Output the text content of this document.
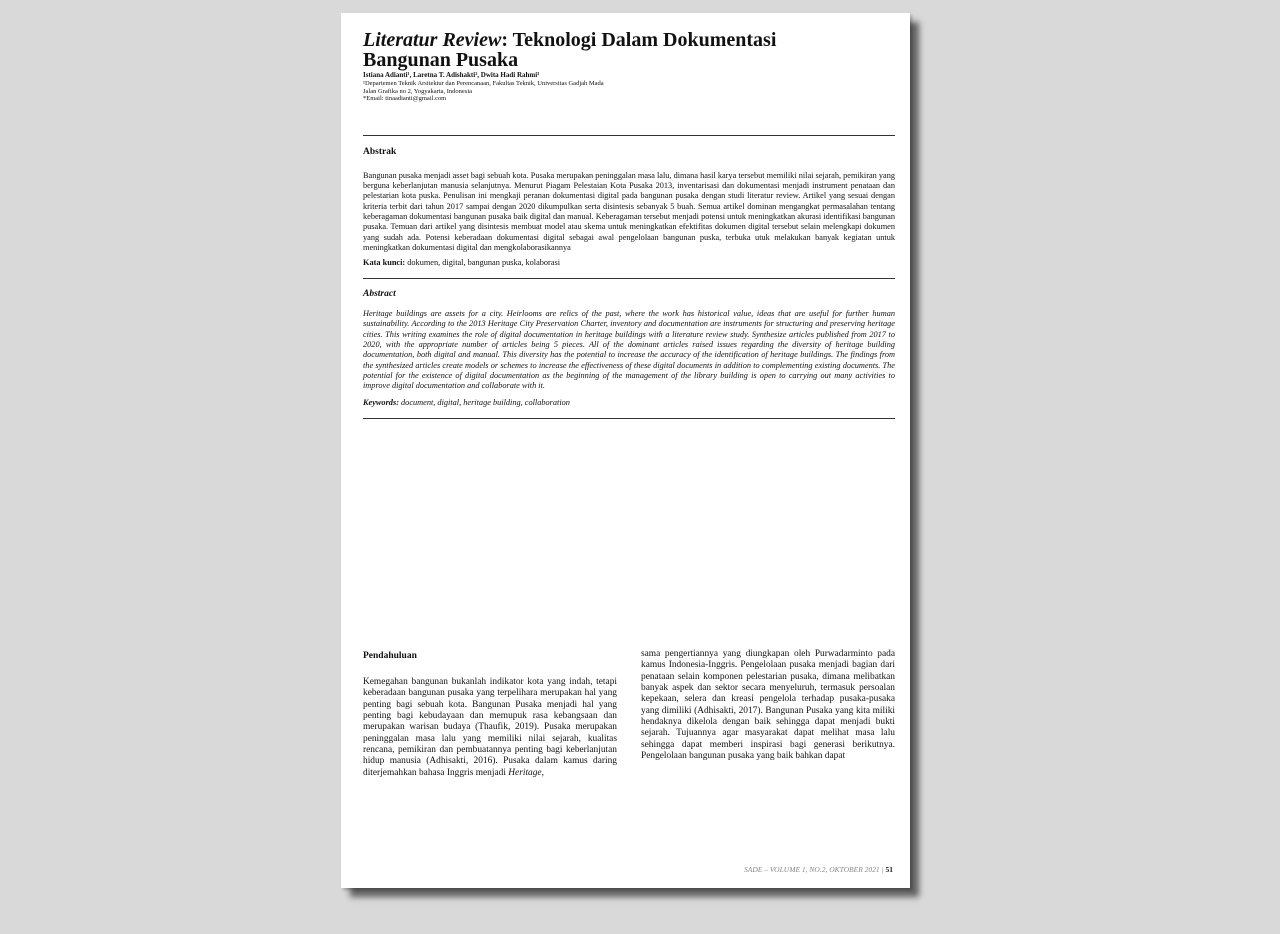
Literatur Review: Teknologi Dalam Dokumentasi
Bangunan Pusaka
Istiana Adianti¹, Laretna T. Adishakti², Dwita Hadi Rahmi³
¹Departemen Teknik Arsitektur dan Perencanaan, Fakultas Teknik, Universitas Gadjah Mada
Jalan Grafika no 2, Yogyakarta, Indonesia
*Email: tinaadianti@gmail.com
Abstrak
Bangunan pusaka menjadi asset bagi sebuah kota. Pusaka merupakan peninggalan masa lalu, dimana hasil karya tersebut memiliki nilai sejarah, pemikiran yang berguna keberlanjutan manusia selanjutnya. Menurut Piagam Pelestaian Kota Pusaka 2013, inventarisasi dan dokumentasi menjadi instrument penataan dan pelestarian kota puska. Penulisan ini mengkaji peranan dokumentasi digital pada bangunan pusaka dengan studi literatur review. Artikel yang sesuai dengan kriteria terbit dari tahun 2017 sampai dengan 2020 dikumpulkan serta disintesis sebanyak 5 buah. Semua artikel dominan mengangkat permasalahan tentang keberagaman dokumentasi bangunan pusaka baik digital dan manual. Keberagaman tersebut menjadi potensi untuk meningkatkan akurasi identifikasi bangunan pusaka. Temuan dari artikel yang disintesis membuat model atau skema untuk meningkatkan efektifitas dokumen digital tersebut selain melengkapi dokumen yang sudah ada. Potensi keberadaan dokumentasi digital sebagai awal pengelolaan bangunan puska, terbuka utuk melakukan banyak kegiatan untuk meningkatkan dokumentasi digital dan mengkolaborasikannya
Kata kunci: dokumen, digital, bangunan puska, kolaborasi
Abstract
Heritage buildings are assets for a city. Heirlooms are relics of the past, where the work has historical value, ideas that are useful for further human sustainability. According to the 2013 Heritage City Preservation Charter, inventory and documentation are instruments for structuring and preserving heritage cities. This writing examines the role of digital documentation in heritage buildings with a literature review study. Synthesize articles published from 2017 to 2020, with the appropriate number of articles being 5 pieces. All of the dominant articles raised issues regarding the diversity of heritage building documentation, both digital and manual. This diversity has the potential to increase the accuracy of the identification of heritage buildings. The findings from the synthesized articles create models or schemes to increase the effectiveness of these digital documents in addition to complementing existing documents. The potential for the existence of digital documentation as the beginning of the management of the library building is open to carrying out many activities to improve digital documentation and collaborate with it.
Keywords: document, digital, heritage building, collaboration
Pendahuluan
Kemegahan bangunan bukanlah indikator kota yang indah, tetapi keberadaan bangunan pusaka yang terpelihara merupakan hal yang penting bagi sebuah kota. Bangunan Pusaka menjadi hal yang penting bagi kebudayaan dan memupuk rasa kebangsaan dan merupakan warisan budaya (Thaufik, 2019). Pusaka merupakan peninggalan masa lalu yang memiliki nilai sejarah, kualitas rencana, pemikiran dan pembuatannya penting bagi keberlanjutan hidup manusia (Adhisakti, 2016). Pusaka dalam kamus daring diterjemahkan bahasa Inggris menjadi Heritage,
sama pengertiannya yang diungkapan oleh Purwadarminto pada kamus Indonesia-Inggris. Pengelolaan pusaka menjadi bagian dari penataan selain komponen pelestarian pusaka, dimana melibatkan banyak aspek dan sektor secara menyeluruh, termasuk persoalan kepekaan, selera dan kreasi pengelola terhadap pusaka-pusaka yang dimiliki (Adhisakti, 2017). Bangunan Pusaka yang kita miliki hendaknya dikelola dengan baik sehingga dapat menjadi bukti sejarah. Tujuannya agar masyarakat dapat melihat masa lalu sehingga dapat memberi inspirasi bagi generasi berikutnya. Pengelolaan bangunan pusaka yang baik bahkan dapat
SADE – VOLUME 1, NO.2, OKTOBER 2021 | 51
